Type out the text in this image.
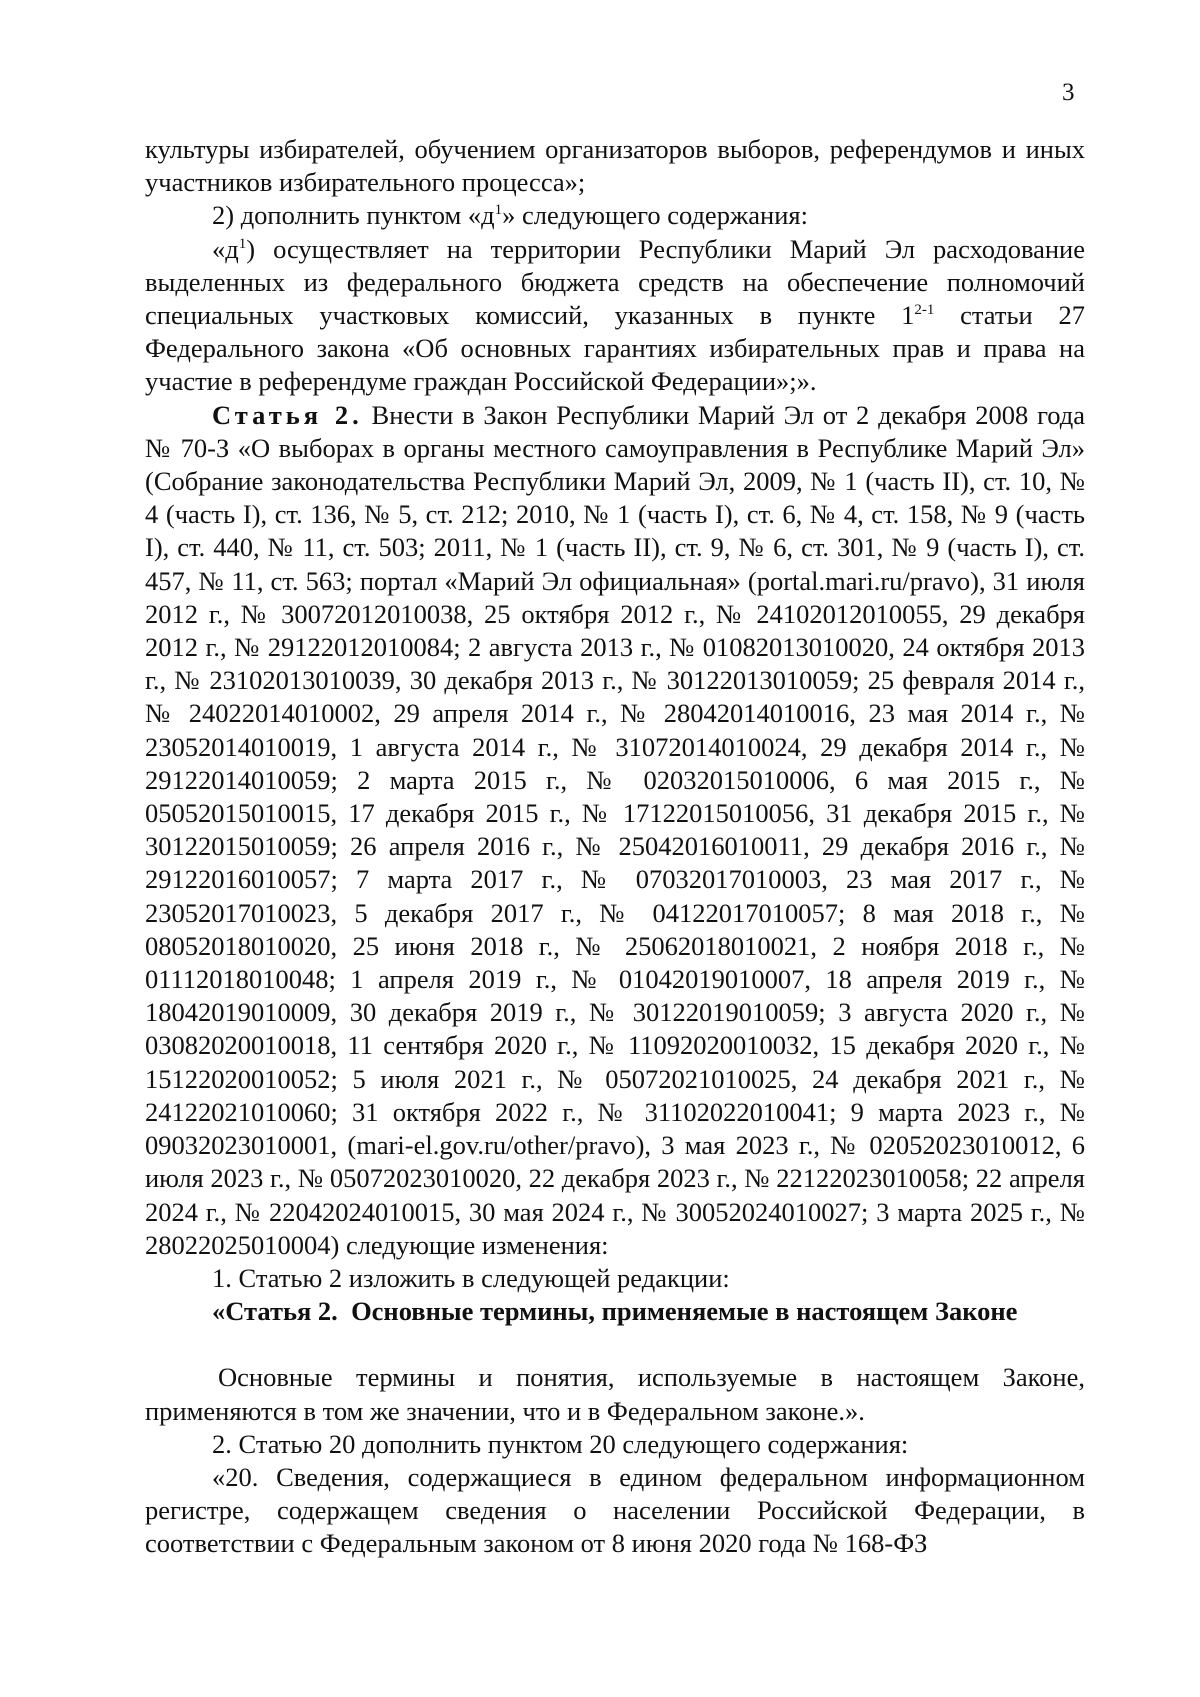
3

культуры избирателей, обучением организаторов выборов, референдумов и иных участников избирательного процесса»;

2) дополнить пунктом «$д^1$» следующего содержания:

«$д^1$) осуществляет на территории Республики Марий Эл расходование выделенных из федерального бюджета средств на обеспечение полномочий специальных участковых комиссий, указанных в пункте 1$^{2-1}$ статьи 27 Федерального закона «Об основных гарантиях избирательных прав и права на участие в референдуме граждан Российской Федерации»;».

Статья 2. Внести в Закон Республики Марий Эл от 2 декабря 2008 года № 70-З «О выборах в органы местного самоуправления в Республике Марий Эл» (Собрание законодательства Республики Марий Эл, 2009, № 1 (часть II), ст. 10, № 4 (часть I), ст. 136, № 5, ст. 212; 2010, № 1 (часть I), ст. 6, № 4, ст. 158, № 9 (часть I), ст. 440, № 11, ст. 503; 2011, № 1 (часть II), ст. 9, № 6, ст. 301, № 9 (часть I), ст. 457, № 11, ст. 563; портал «Марий Эл официальная» (portal.mari.ru/pravo), 31 июля 2012 г., № 30072012010038, 25 октября 2012 г., № 24102012010055, 29 декабря 2012 г., № 29122012010084; 2 августа 2013 г., № 01082013010020, 24 октября 2013 г., № 23102013010039, 30 декабря 2013 г., № 30122013010059; 25 февраля 2014 г., № 24022014010002, 29 апреля 2014 г., № 28042014010016, 23 мая 2014 г., № 23052014010019, 1 августа 2014 г., № 31072014010024, 29 декабря 2014 г., № 29122014010059; 2 марта 2015 г., № 02032015010006, 6 мая 2015 г., № 05052015010015, 17 декабря 2015 г., № 17122015010056, 31 декабря 2015 г., № 30122015010059; 26 апреля 2016 г., № 25042016010011, 29 декабря 2016 г., № 29122016010057; 7 марта 2017 г., № 07032017010003, 23 мая 2017 г., № 23052017010023, 5 декабря 2017 г., № 04122017010057; 8 мая 2018 г., № 08052018010020, 25 июня 2018 г., № 25062018010021, 2 ноября 2018 г., № 01112018010048; 1 апреля 2019 г., № 01042019010007, 18 апреля 2019 г., № 18042019010009, 30 декабря 2019 г., № 30122019010059; 3 августа 2020 г., № 03082020010018, 11 сентября 2020 г., № 11092020010032, 15 декабря 2020 г., № 15122020010052; 5 июля 2021 г., № 05072021010025, 24 декабря 2021 г., № 24122021010060; 31 октября 2022 г., № 31102022010041; 9 марта 2023 г., № 09032023010001, (mari-el.gov.ru/other/pravo), 3 мая 2023 г., № 02052023010012, 6 июля 2023 г., № 05072023010020, 22 декабря 2023 г., № 22122023010058; 22 апреля 2024 г., № 22042024010015, 30 мая 2024 г., № 30052024010027; 3 марта 2025 г., № 28022025010004) следующие изменения:

1. Статью 2 изложить в следующей редакции:

«Статья 2. Основные термины, применяемые в настоящем Законе

Основные термины и понятия, используемые в настоящем Законе, применяются в том же значении, что и в Федеральном законе.».

2. Статью 20 дополнить пунктом 20 следующего содержания:

«20. Сведения, содержащиеся в едином федеральном информационном регистре, содержащем сведения о населении Российской Федерации, в соответствии с Федеральным законом от 8 июня 2020 года № 168-ФЗ
